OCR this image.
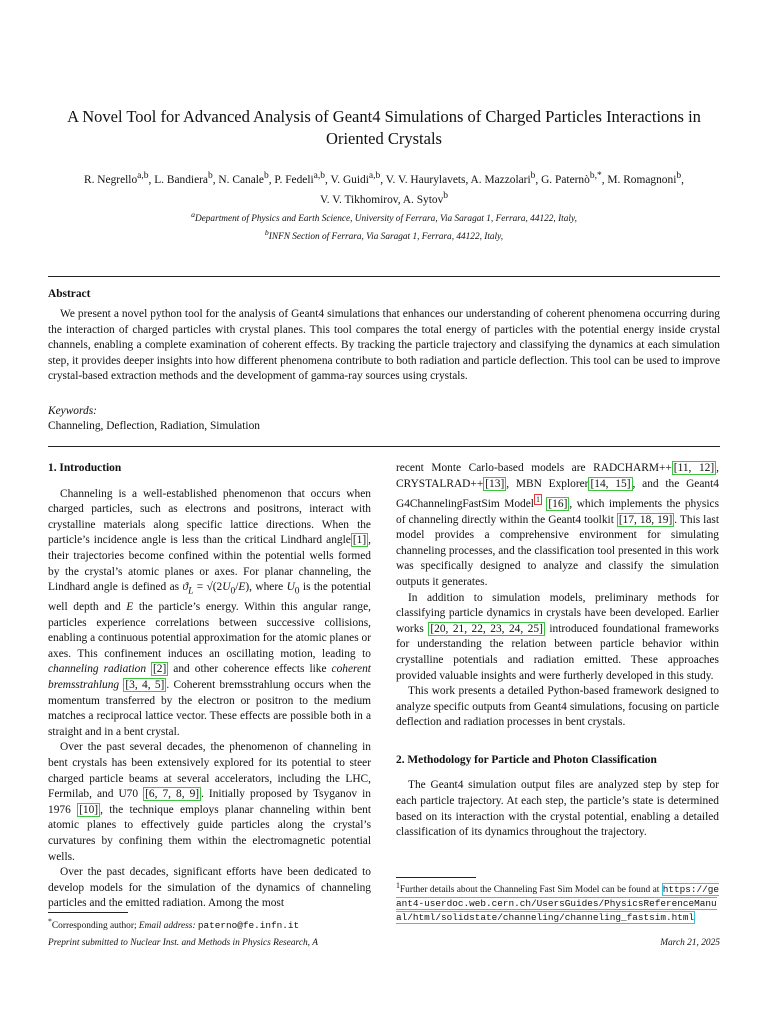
A Novel Tool for Advanced Analysis of Geant4 Simulations of Charged Particles Interactions in Oriented Crystals
R. Negrello$^{a,b}$, L. Bandiera$^b$, N. Canale$^b$, P. Fedeli$^{a,b}$, V. Guidi$^{a,b}$, V. V. Haurylavets, A. Mazzolari$^b$, G. Paternò$^{b,*}$, M. Romagnoni$^b$,
V. V. Tikhomirov, A. Sytov$^b$
$^a$Department of Physics and Earth Science, University of Ferrara, Via Saragat 1, Ferrara, 44122, Italy,
$^b$INFN Section of Ferrara, Via Saragat 1, Ferrara, 44122, Italy,
Abstract
We present a novel python tool for the analysis of Geant4 simulations that enhances our understanding of coherent phenomena occurring during the interaction of charged particles with crystal planes. This tool compares the total energy of particles with the potential energy inside crystal channels, enabling a complete examination of coherent effects. By tracking the particle trajectory and classifying the dynamics at each simulation step, it provides deeper insights into how different phenomena contribute to both radiation and particle deflection. This tool can be used to improve crystal-based extraction methods and the development of gamma-ray sources using crystals.
Keywords:
Channeling, Deflection, Radiation, Simulation
1. Introduction

Channeling is a well-established phenomenon that occurs when charged particles, such as electrons and positrons, interact with crystalline materials along specific lattice directions. When the particle’s incidence angle is less than the critical Lindhard angle [1] , their trajectories become confined within the potential wells formed by the crystal’s atomic planes or axes. For planar channeling, the Lindhard angle is defined as $ϑ_L = √(2U_0/E)$, where $U_0$ is the potential well depth and E the particle’s energy. Within this angular range, particles experience correlations between successive collisions, enabling a continuous potential approximation for the atomic planes or axes. This confinement induces an oscillating motion, leading to channeling radiation [2] and other coherence effects like coherent bremsstrahlung [3, 4, 5] . Coherent bremsstrahlung occurs when the momentum transferred by the electron or positron to the medium matches a reciprocal lattice vector. These effects are possible both in a straight and in a bent crystal.

Over the past several decades, the phenomenon of channeling in bent crystals has been extensively explored for its potential to steer charged particle beams at several accelerators, including the LHC, Fermilab, and U70 [6, 7, 8, 9] . Initially proposed by Tsyganov in 1976 [10] , the technique employs planar channeling within bent atomic planes to effectively guide particles along the crystal’s curvatures by confining them within the electromagnetic potential wells.

Over the past decades, significant efforts have been dedicated to develop models for the simulation of the dynamics of channeling particles and the emitted radiation. Among the most

recent Monte Carlo-based models are RADCHARM++ [11, 12] , CRYSTALRAD++ [13] , MBN Explorer [14, 15] , and the Geant4 G4ChannelingFastSim Model $^1$ [16] , which implements the physics of channeling directly within the Geant4 toolkit [17, 18, 19] . This last model provides a comprehensive environment for simulating channeling processes, and the classification tool presented in this work was specifically designed to analyze and classify the simulation outputs it generates.

In addition to simulation models, preliminary methods for classifying particle dynamics in crystals have been developed. Earlier works [20, 21, 22, 23, 24, 25] introduced foundational frameworks for understanding the relation between particle behavior within crystalline potentials and radiation emitted. These approaches provided valuable insights and were furtherly developed in this study.

This work presents a detailed Python-based framework designed to analyze specific outputs from Geant4 simulations, focusing on particle deflection and radiation processes in bent crystals.

2. Methodology for Particle and Photon Classification

The Geant4 simulation output files are analyzed step by step for each particle trajectory. At each step, the particle’s state is determined based on its interaction with the crystal potential, enabling a detailed classification of its dynamics throughout the trajectory.

$^1$Further details about the Channeling Fast Sim Model can be found at https://geant4-userdoc.web.cern.ch/UsersGuides/PhysicsReferenceManual/html/solidstate/channeling/channeling_fastsim.html
*Corresponding author; Email address: paterno@fe.infn.it
Preprint submitted to Nuclear Inst. and Methods in Physics Research, A	March 21, 2025
